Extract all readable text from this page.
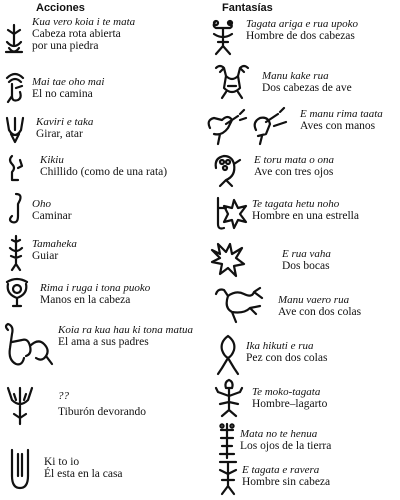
Acciones	Fantasías
Kua vero koia i te mata
Cabeza rota abierta
por una piedra
Mai tae oho mai
El no camina
Kaviri e taka
Girar, atar
Kikiu
Chillido (como de una rata)
Oho
Caminar
Tamaheka
Guiar
Rima i ruga i tona puoko
Manos en la cabeza
Koia ra kua hau ki tona matua
El ama a sus padres
??
Tiburón devorando
Ki to io
Él esta en la casa
Tagata ariga e rua upoko
Hombre de dos cabezas
Manu kake rua
Dos cabezas de ave
E manu rima taata
Aves con manos
E toru mata o ona
Ave con tres ojos
Te tagata hetu noho
Hombre en una estrella
E rua vaha
Dos bocas
Manu vaero rua
Ave con dos colas
Ika hikuti e rua
Pez con dos colas
Te moko-tagata
Hombre–lagarto
Mata no te henua
Los ojos de la tierra
E tagata e ravera
Hombre sin cabeza
